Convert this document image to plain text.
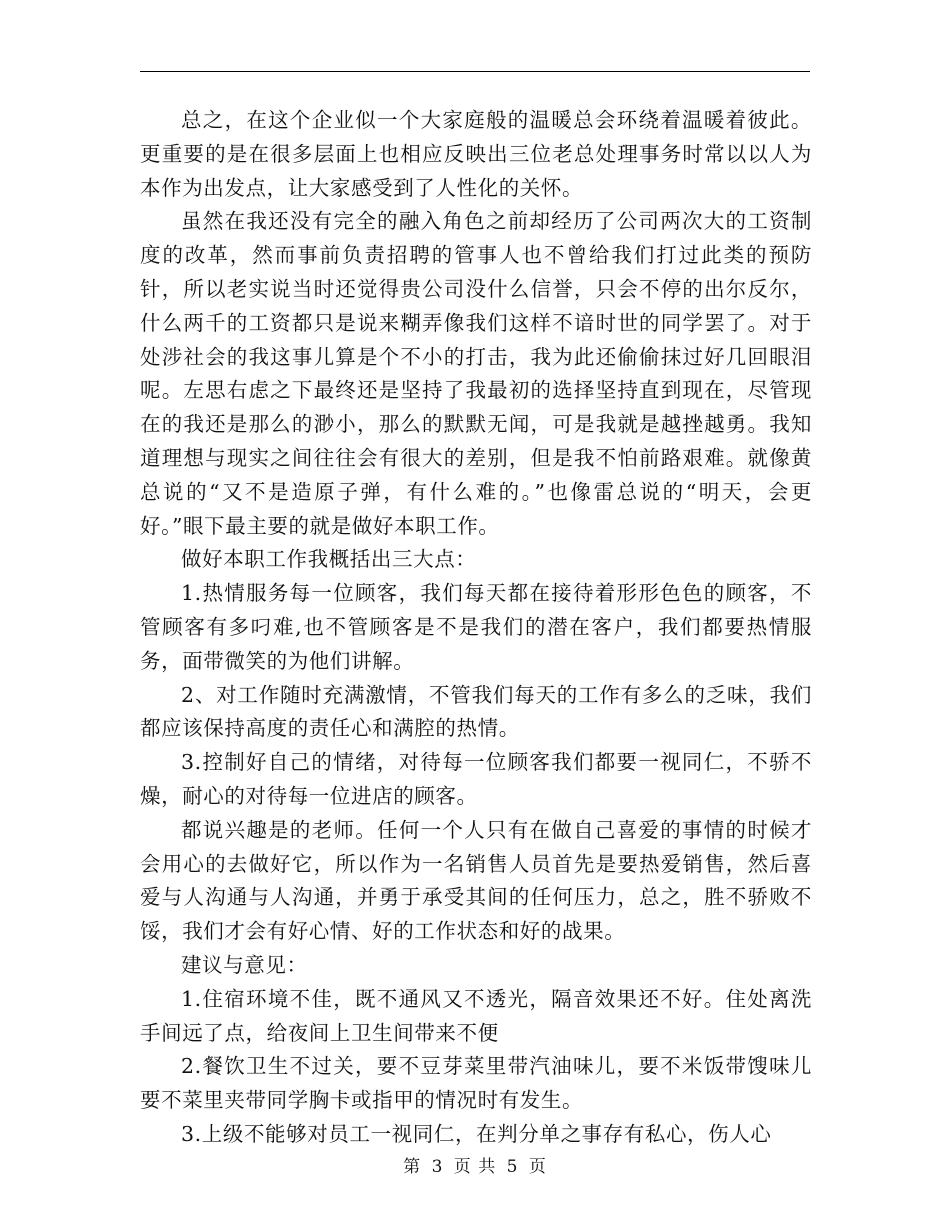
总之，在这个企业似一个大家庭般的温暖总会环绕着温暖着彼此。更重要的是在很多层面上也相应反映出三位老总处理事务时常以以人为本作为出发点，让大家感受到了人性化的关怀。

虽然在我还没有完全的融入角色之前却经历了公司两次大的工资制度的改革，然而事前负责招聘的管事人也不曾给我们打过此类的预防针，所以老实说当时还觉得贵公司没什么信誉，只会不停的出尔反尔，什么两千的工资都只是说来糊弄像我们这样不谙时世的同学罢了。对于处涉社会的我这事儿算是个不小的打击，我为此还偷偷抹过好几回眼泪呢。左思右虑之下最终还是坚持了我最初的选择坚持直到现在，尽管现在的我还是那么的渺小，那么的默默无闻，可是我就是越挫越勇。我知道理想与现实之间往往会有很大的差别，但是我不怕前路艰难。就像黄总说的“又不是造原子弹，有什么难的。”也像雷总说的“明天，会更好。”眼下最主要的就是做好本职工作。

做好本职工作我概括出三大点：

1.热情服务每一位顾客，我们每天都在接待着形形色色的顾客，不管顾客有多叼难,也不管顾客是不是我们的潜在客户，我们都要热情服务，面带微笑的为他们讲解。

2、对工作随时充满激情，不管我们每天的工作有多么的乏味，我们都应该保持高度的责任心和满腔的热情。

3.控制好自己的情绪，对待每一位顾客我们都要一视同仁，不骄不燥，耐心的对待每一位进店的顾客。

都说兴趣是的老师。任何一个人只有在做自己喜爱的事情的时候才会用心的去做好它，所以作为一名销售人员首先是要热爱销售，然后喜爱与人沟通与人沟通，并勇于承受其间的任何压力，总之，胜不骄败不馁，我们才会有好心情、好的工作状态和好的战果。

建议与意见：

1.住宿环境不佳，既不通风又不透光，隔音效果还不好。住处离洗手间远了点，给夜间上卫生间带来不便

2.餐饮卫生不过关，要不豆芽菜里带汽油味儿，要不米饭带馊味儿要不菜里夹带同学胸卡或指甲的情况时有发生。

3.上级不能够对员工一视同仁，在判分单之事存有私心，伤人心

第 3 页 共 5 页
